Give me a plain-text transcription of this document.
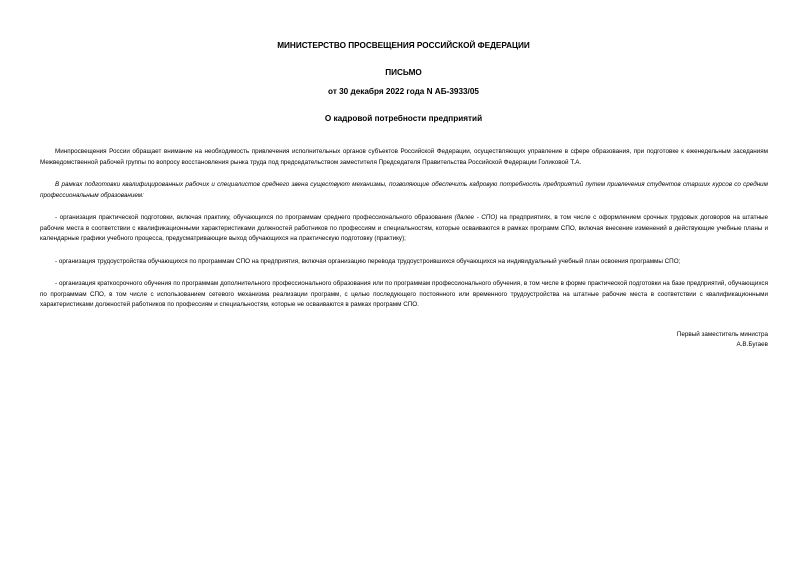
МИНИСТЕРСТВО ПРОСВЕЩЕНИЯ РОССИЙСКОЙ ФЕДЕРАЦИИ
ПИСЬМО
от 30 декабря 2022 года N АБ-3933/05
О кадровой потребности предприятий

Минпросвещения России обращает внимание на необходимость привлечения исполнительных органов субъектов Российской Федерации, осуществляющих управление в сфере образования, при подготовке к еженедельным заседаниям Межведомственной рабочей группы по вопросу восстановления рынка труда под председательством заместителя Председателя Правительства Российской Федерации Голиковой Т.А.

В рамках подготовки квалифицированных рабочих и специалистов среднего звена существуют механизмы, позволяющие обеспечить кадровую потребность предприятий путем привлечения студентов старших курсов со средним профессиональным образованием:

- организация практической подготовки, включая практику, обучающихся по программам среднего профессионального образования (далее - СПО) на предприятиях, в том числе с оформлением срочных трудовых договоров на штатные рабочие места в соответствии с квалификационными характеристиками должностей работников по профессиям и специальностям, которые осваиваются в рамках программ СПО, включая внесение изменений в действующие учебные планы и календарные графики учебного процесса, предусматривающие выход обучающихся на практическую подготовку (практику);

- организация трудоустройства обучающихся по программам СПО на предприятия, включая организацию перевода трудоустроившихся обучающихся на индивидуальный учебный план освоения программы СПО;

- организация краткосрочного обучения по программам дополнительного профессионального образования или по программам профессионального обучения, в том числе в форме практической подготовки на базе предприятий, обучающихся по программам СПО, в том числе с использованием сетевого механизма реализации программ, с целью последующего постоянного или временного трудоустройства на штатные рабочие места в соответствии с квалификационными характеристиками должностей работников по профессиям и специальностям, которые не осваиваются в рамках программ СПО.

Первый заместитель министра
А.В.Бугаев
